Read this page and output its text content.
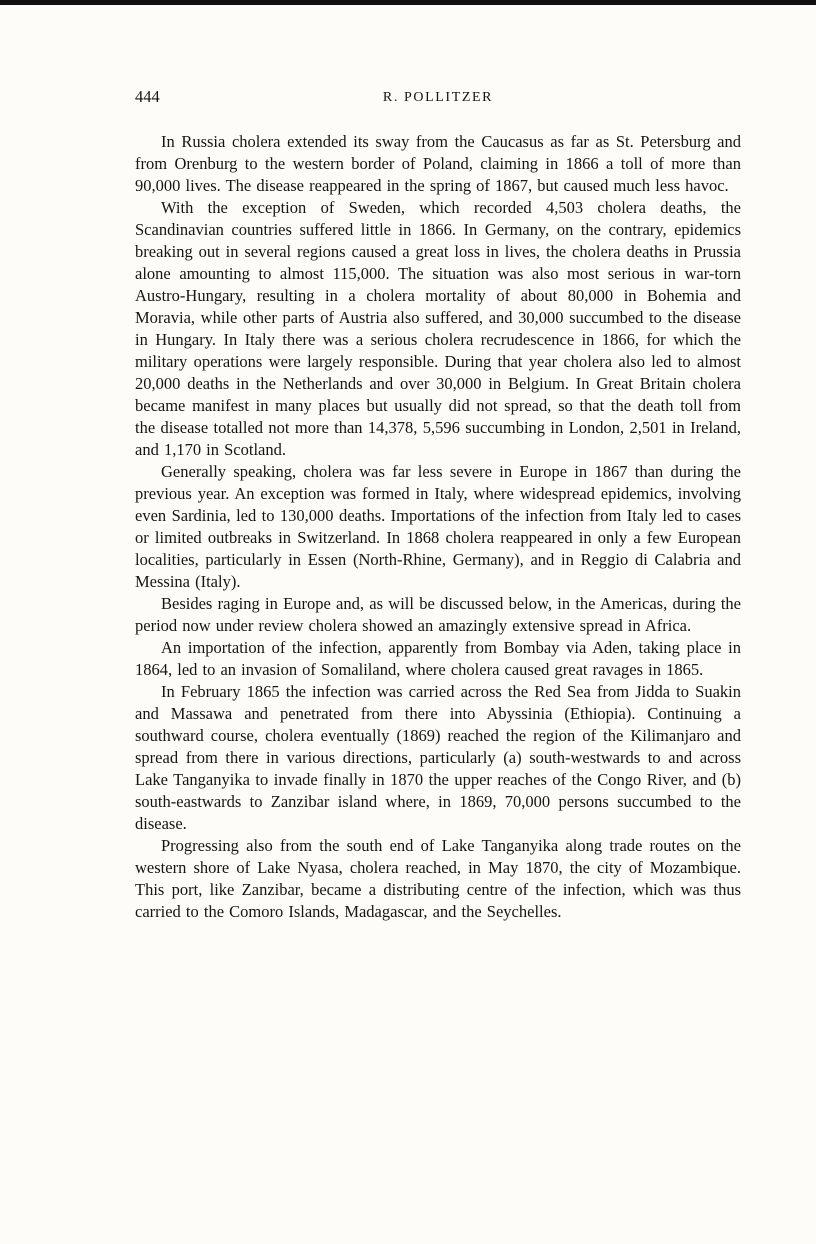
444	R. POLLITZER

In Russia cholera extended its sway from the Caucasus as far as St. Petersburg and from Orenburg to the western border of Poland, claiming in 1866 a toll of more than 90,000 lives. The disease reappeared in the spring of 1867, but caused much less havoc.

With the exception of Sweden, which recorded 4,503 cholera deaths, the Scandinavian countries suffered little in 1866. In Germany, on the contrary, epidemics breaking out in several regions caused a great loss in lives, the cholera deaths in Prussia alone amounting to almost 115,000. The situation was also most serious in war-torn Austro-Hungary, resulting in a cholera mortality of about 80,000 in Bohemia and Moravia, while other parts of Austria also suffered, and 30,000 succumbed to the disease in Hungary. In Italy there was a serious cholera recrudescence in 1866, for which the military operations were largely responsible. During that year cholera also led to almost 20,000 deaths in the Netherlands and over 30,000 in Belgium. In Great Britain cholera became manifest in many places but usually did not spread, so that the death toll from the disease totalled not more than 14,378, 5,596 succumbing in London, 2,501 in Ireland, and 1,170 in Scotland.

Generally speaking, cholera was far less severe in Europe in 1867 than during the previous year. An exception was formed in Italy, where widespread epidemics, involving even Sardinia, led to 130,000 deaths. Importations of the infection from Italy led to cases or limited outbreaks in Switzerland. In 1868 cholera reappeared in only a few European localities, particularly in Essen (North-Rhine, Germany), and in Reggio di Calabria and Messina (Italy).

Besides raging in Europe and, as will be discussed below, in the Americas, during the period now under review cholera showed an amazingly extensive spread in Africa.

An importation of the infection, apparently from Bombay via Aden, taking place in 1864, led to an invasion of Somaliland, where cholera caused great ravages in 1865.

In February 1865 the infection was carried across the Red Sea from Jidda to Suakin and Massawa and penetrated from there into Abyssinia (Ethiopia). Continuing a southward course, cholera eventually (1869) reached the region of the Kilimanjaro and spread from there in various directions, particularly (a) south-westwards to and across Lake Tanganyika to invade finally in 1870 the upper reaches of the Congo River, and (b) south-eastwards to Zanzibar island where, in 1869, 70,000 persons succumbed to the disease.

Progressing also from the south end of Lake Tanganyika along trade routes on the western shore of Lake Nyasa, cholera reached, in May 1870, the city of Mozambique. This port, like Zanzibar, became a distributing centre of the infection, which was thus carried to the Comoro Islands, Madagascar, and the Seychelles.
